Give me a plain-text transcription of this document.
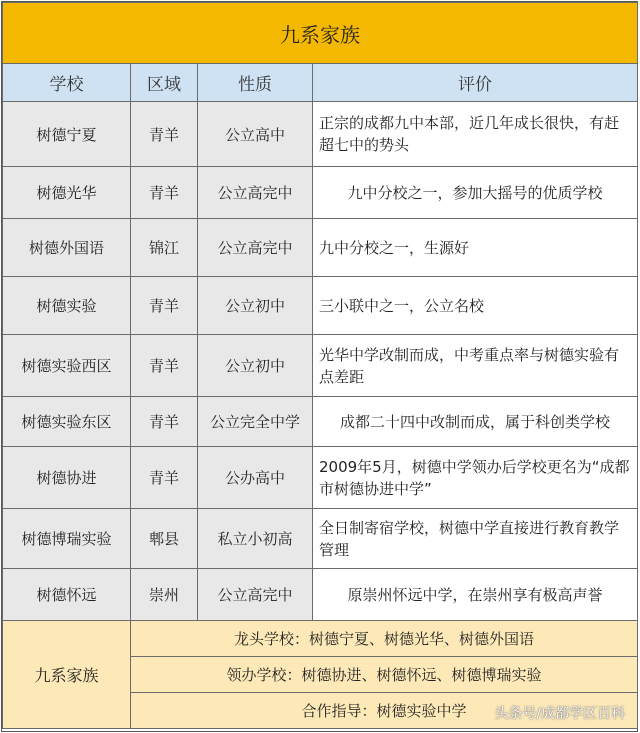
九系家族			
学校	区域	性质	评价
树德宁夏	青羊	公立高中	正宗的成都九中本部，近几年成长很快，有赶超七中的势头
树德光华	青羊	公立高完中	九中分校之一，参加大摇号的优质学校
树德外国语	锦江	公立高完中	九中分校之一，生源好
树德实验	青羊	公立初中	三小联中之一，公立名校
树德实验西区	青羊	公立初中	光华中学改制而成，中考重点率与树德实验有点差距
树德实验东区	青羊	公立完全中学	成都二十四中改制而成，属于科创类学校
树德协进	青羊	公办高中	2009年5月，树德中学领办后学校更名为“成都市树德协进中学”
树德博瑞实验	郫县	私立小初高	全日制寄宿学校，树德中学直接进行教育教学管理
树德怀远	崇州	公立高完中	原崇州怀远中学，在崇州享有极高声誉
九系家族	龙头学校：树德宁夏、树德光华、树德外国语		
	领办学校：树德协进、树德怀远、树德博瑞实验		
	合作指导：树德实验中学		头条号/成都学区百科
